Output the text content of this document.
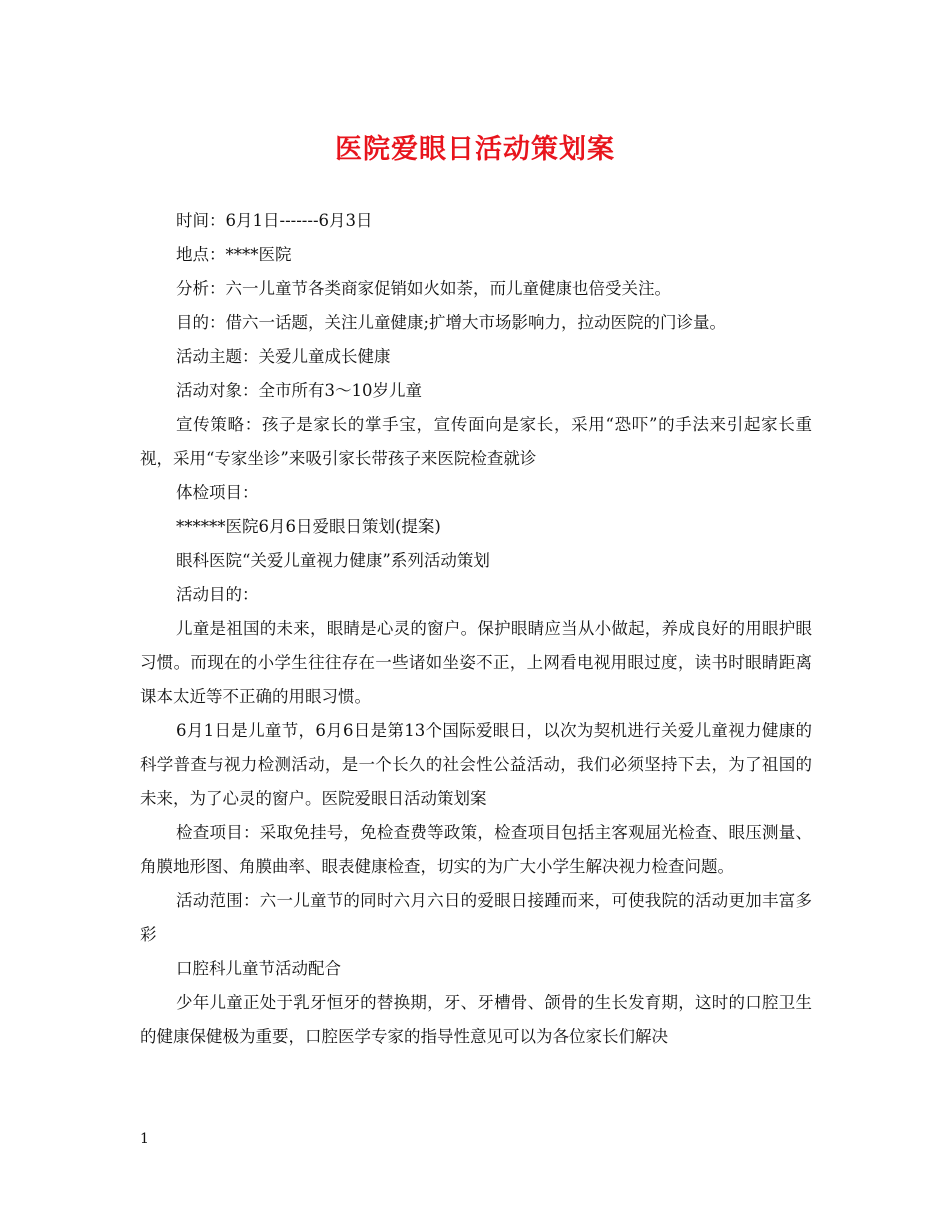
医院爱眼日活动策划案

时间：6月1日-------6月3日

地点：****医院

分析：六一儿童节各类商家促销如火如荼，而儿童健康也倍受关注。

目的：借六一话题，关注儿童健康;扩增大市场影响力，拉动医院的门诊量。

活动主题：关爱儿童成长健康

活动对象：全市所有3～10岁儿童

宣传策略：孩子是家长的掌手宝，宣传面向是家长，采用“恐吓”的手法来引起家长重视，采用“专家坐诊”来吸引家长带孩子来医院检查就诊

体检项目：

******医院6月6日爱眼日策划(提案)

眼科医院“关爱儿童视力健康”系列活动策划

活动目的：

儿童是祖国的未来，眼睛是心灵的窗户。保护眼睛应当从小做起，养成良好的用眼护眼习惯。而现在的小学生往往存在一些诸如坐姿不正，上网看电视用眼过度，读书时眼睛距离课本太近等不正确的用眼习惯。

6月1日是儿童节，6月6日是第13个国际爱眼日，以次为契机进行关爱儿童视力健康的科学普查与视力检测活动，是一个长久的社会性公益活动，我们必须坚持下去，为了祖国的未来，为了心灵的窗户。医院爱眼日活动策划案

检查项目：采取免挂号，免检查费等政策，检查项目包括主客观屈光检查、眼压测量、角膜地形图、角膜曲率、眼表健康检查，切实的为广大小学生解决视力检查问题。

活动范围：六一儿童节的同时六月六日的爱眼日接踵而来，可使我院的活动更加丰富多彩

口腔科儿童节活动配合

少年儿童正处于乳牙恒牙的替换期，牙、牙槽骨、颌骨的生长发育期，这时的口腔卫生的健康保健极为重要，口腔医学专家的指导性意见可以为各位家长们解决

1
